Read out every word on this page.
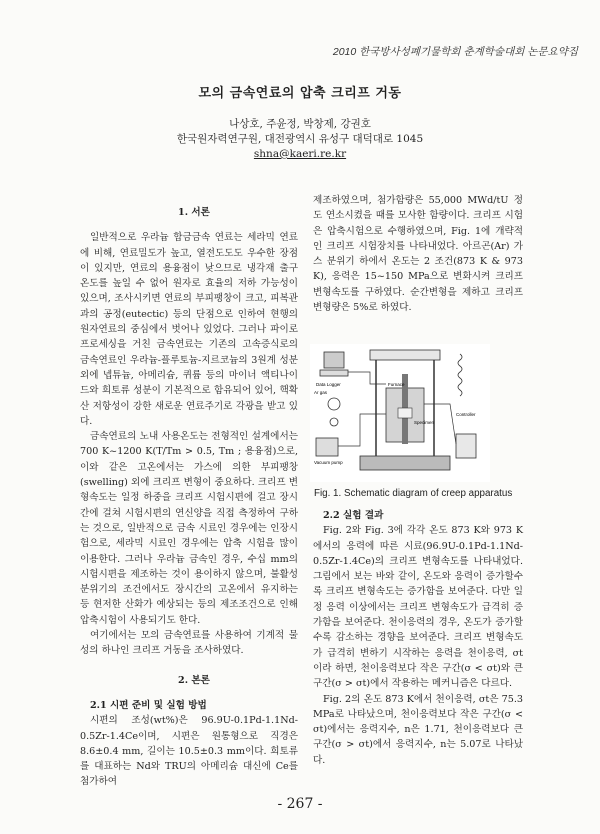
2010 한국방사성폐기물학회 춘계학술대회 논문요약집
모의 금속연료의 압축 크리프 거동
나상호, 주윤정, 박창제, 강권호
한국원자력연구원, 대전광역시 유성구 대덕대로 1045
shna@kaeri.re.kr

1. 서론

일반적으로 우라늄 합금금속 연료는 세라믹 연료에 비해, 연료밀도가 높고, 열전도도도 우수한 장점이 있지만, 연료의 용융점이 낮으므로 냉각재 출구 온도를 높일 수 없어 원자로 효율의 저하 가능성이 있으며, 조사시키면 연료의 부피팽창이 크고, 피복관과의 공정(eutectic) 등의 단점으로 인하여 현행의 원자연료의 중심에서 벗어나 있었다. 그러나 파이로 프로세싱을 거친 금속연료는 기존의 고속증식로의 금속연료인 우라늄-플루토늄-지르코늄의 3원계 성분외에 넵튜늄, 아메리슘, 퀴륨 등의 마이너 액티나이드와 희토류 성분이 기본적으로 함유되어 있어, 핵확산 저항성이 강한 새로운 연료주기로 각광을 받고 있다.

금속연료의 노내 사용온도는 전형적인 설계에서는 700 K~1200 K(T/Tm > 0.5, Tm ; 용융점)으로, 이와 같은 고온에서는 가스에 의한 부피팽창(swelling) 외에 크리프 변형이 중요하다. 크리프 변형속도는 일정 하중을 크리프 시험시편에 걸고 장시간에 걸쳐 시험시편의 연신양을 직접 측정하여 구하는 것으로, 일반적으로 금속 시료인 경우에는 인장시험으로, 세라믹 시료인 경우에는 압축 시험을 많이 이용한다. 그러나 우라늄 금속인 경우, 수십 mm의 시험시편을 제조하는 것이 용이하지 않으며, 불활성 분위기의 조건에서도 장시간의 고온에서 유지하는 등 현저한 산화가 예상되는 등의 제조조건으로 인해 압축시험이 사용되기도 한다.

여기에서는 모의 금속연료를 사용하여 기계적 물성의 하나인 크리프 거동을 조사하였다.

2. 본론

2.1 시편 준비 및 실험 방법

시편의 조성(wt%)은 96.9U-0.1Pd-1.1Nd-0.5Zr-1.4Ce이며, 시편은 원통형으로 직경은 8.6±0.4 mm, 길이는 10.5±0.3 mm이다. 희토류를 대표하는 Nd와 TRU의 아메리슘 대신에 Ce를 첨가하여

제조하였으며, 첨가함량은 55,000 MWd/tU 정도 연소시켰을 때를 모사한 함량이다. 크리프 시험은 압축시험으로 수행하였으며, Fig. 1에 개략적인 크리프 시험장치를 나타내었다. 아르곤(Ar) 가스 분위기 하에서 온도는 2 조건(873 K & 973 K), 응력은 15~150 MPa으로 변화시켜 크리프 변형속도를 구하였다. 순간변형을 제하고 크리프 변형량은 5%로 하였다.

Ar gas
Data Logger
Controller
Vacuum pump
Furnace
Specimen
Fig. 1. Schematic diagram of creep apparatus

2.2 실험 결과

Fig. 2와 Fig. 3에 각각 온도 873 K와 973 K에서의 응력에 따른 시료(96.9U-0.1Pd-1.1Nd-0.5Zr-1.4Ce)의 크리프 변형속도를 나타내었다. 그림에서 보는 바와 같이, 온도와 응력이 증가할수록 크리프 변형속도는 증가함을 보여준다. 다만 일정 응력 이상에서는 크리프 변형속도가 급격히 증가함을 보여준다. 천이응력의 경우, 온도가 증가할수록 감소하는 경향을 보여준다. 크리프 변형속도가 급격히 변하기 시작하는 응력을 천이응력, σt 이라 하면, 천이응력보다 작은 구간(σ < σt)와 큰 구간(σ > σt)에서 작용하는 메커니즘은 다르다.

Fig. 2의 온도 873 K에서 천이응력, σt은 75.3 MPa로 나타났으며, 천이응력보다 작은 구간(σ < σt)에서는 응력지수, n은 1.71, 천이응력보다 큰 구간(σ > σt)에서 응력지수, n는 5.07로 나타났다.

- 267 -
